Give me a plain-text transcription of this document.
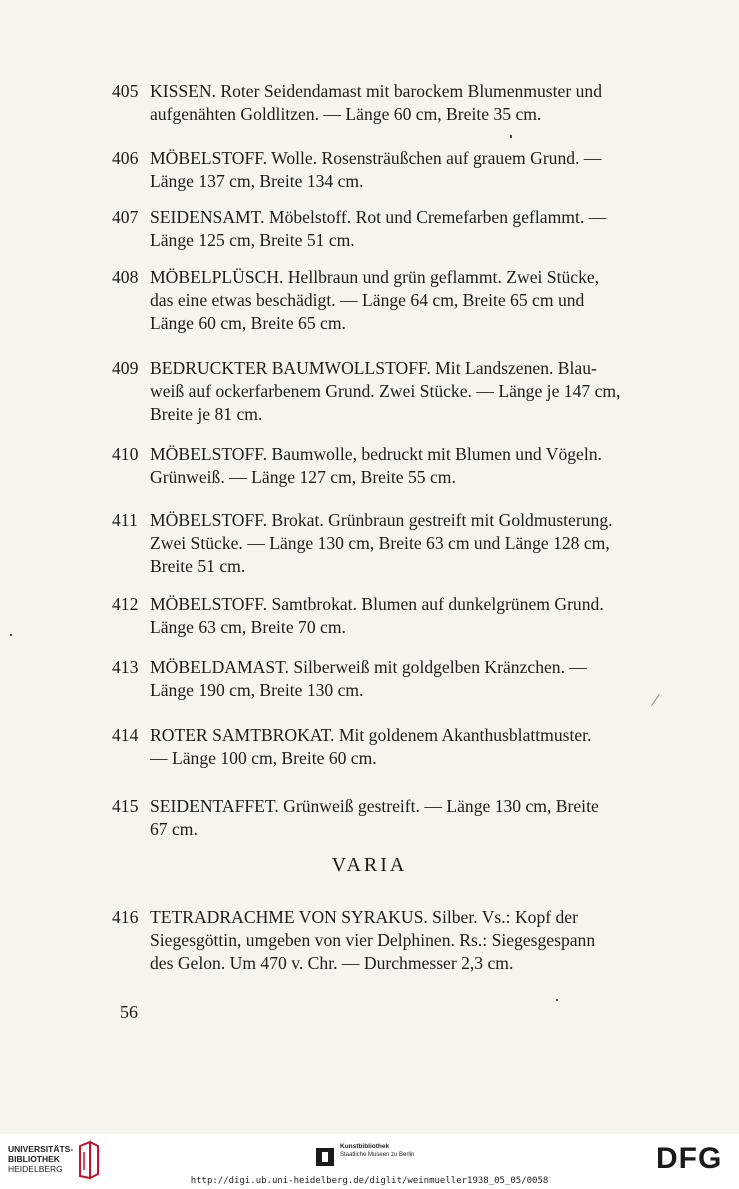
405 KISSEN. Roter Seidendamast mit barockem Blumenmuster und
aufgenähten Goldlitzen. — Länge 60 cm, Breite 35 cm.
406 MÖBELSTOFF. Wolle. Rosensträußchen auf grauem Grund. —
Länge 137 cm, Breite 134 cm.
407 SEIDENSAMT. Möbelstoff. Rot und Cremefarben geflammt. —
Länge 125 cm, Breite 51 cm.
408 MÖBELPLÜSCH. Hellbraun und grün geflammt. Zwei Stücke,
das eine etwas beschädigt. — Länge 64 cm, Breite 65 cm und
Länge 60 cm, Breite 65 cm.
409 BEDRUCKTER BAUMWOLLSTOFF. Mit Landszenen. Blau-
weiß auf ockerfarbenem Grund. Zwei Stücke. — Länge je 147 cm,
Breite je 81 cm.
410 MÖBELSTOFF. Baumwolle, bedruckt mit Blumen und Vögeln.
Grünweiß. — Länge 127 cm, Breite 55 cm.
411 MÖBELSTOFF. Brokat. Grünbraun gestreift mit Goldmusterung.
Zwei Stücke. — Länge 130 cm, Breite 63 cm und Länge 128 cm,
Breite 51 cm.
412 MÖBELSTOFF. Samtbrokat. Blumen auf dunkelgrünem Grund.
Länge 63 cm, Breite 70 cm.
413 MÖBELDAMAST. Silberweiß mit goldgelben Kränzchen. —
Länge 190 cm, Breite 130 cm.
414 ROTER SAMTBROKAT. Mit goldenem Akanthusblattmuster.
— Länge 100 cm, Breite 60 cm.
415 SEIDENTAFFET. Grünweiß gestreift. — Länge 130 cm, Breite
67 cm.
VARIA
416 TETRADRACHME VON SYRAKUS. Silber. Vs.: Kopf der
Siegesgöttin, umgeben von vier Delphinen. Rs.: Siegesgespann
des Gelon. Um 470 v. Chr. — Durchmesser 2,3 cm.
56
UNIVERSITÄTS-
BIBLIOTHEK
HEIDELBERG
Kunstbibliothek
Staatliche Museen zu Berlin	DFG
http://digi.ub.uni-heidelberg.de/diglit/weinmueller1938_05_05/0058
